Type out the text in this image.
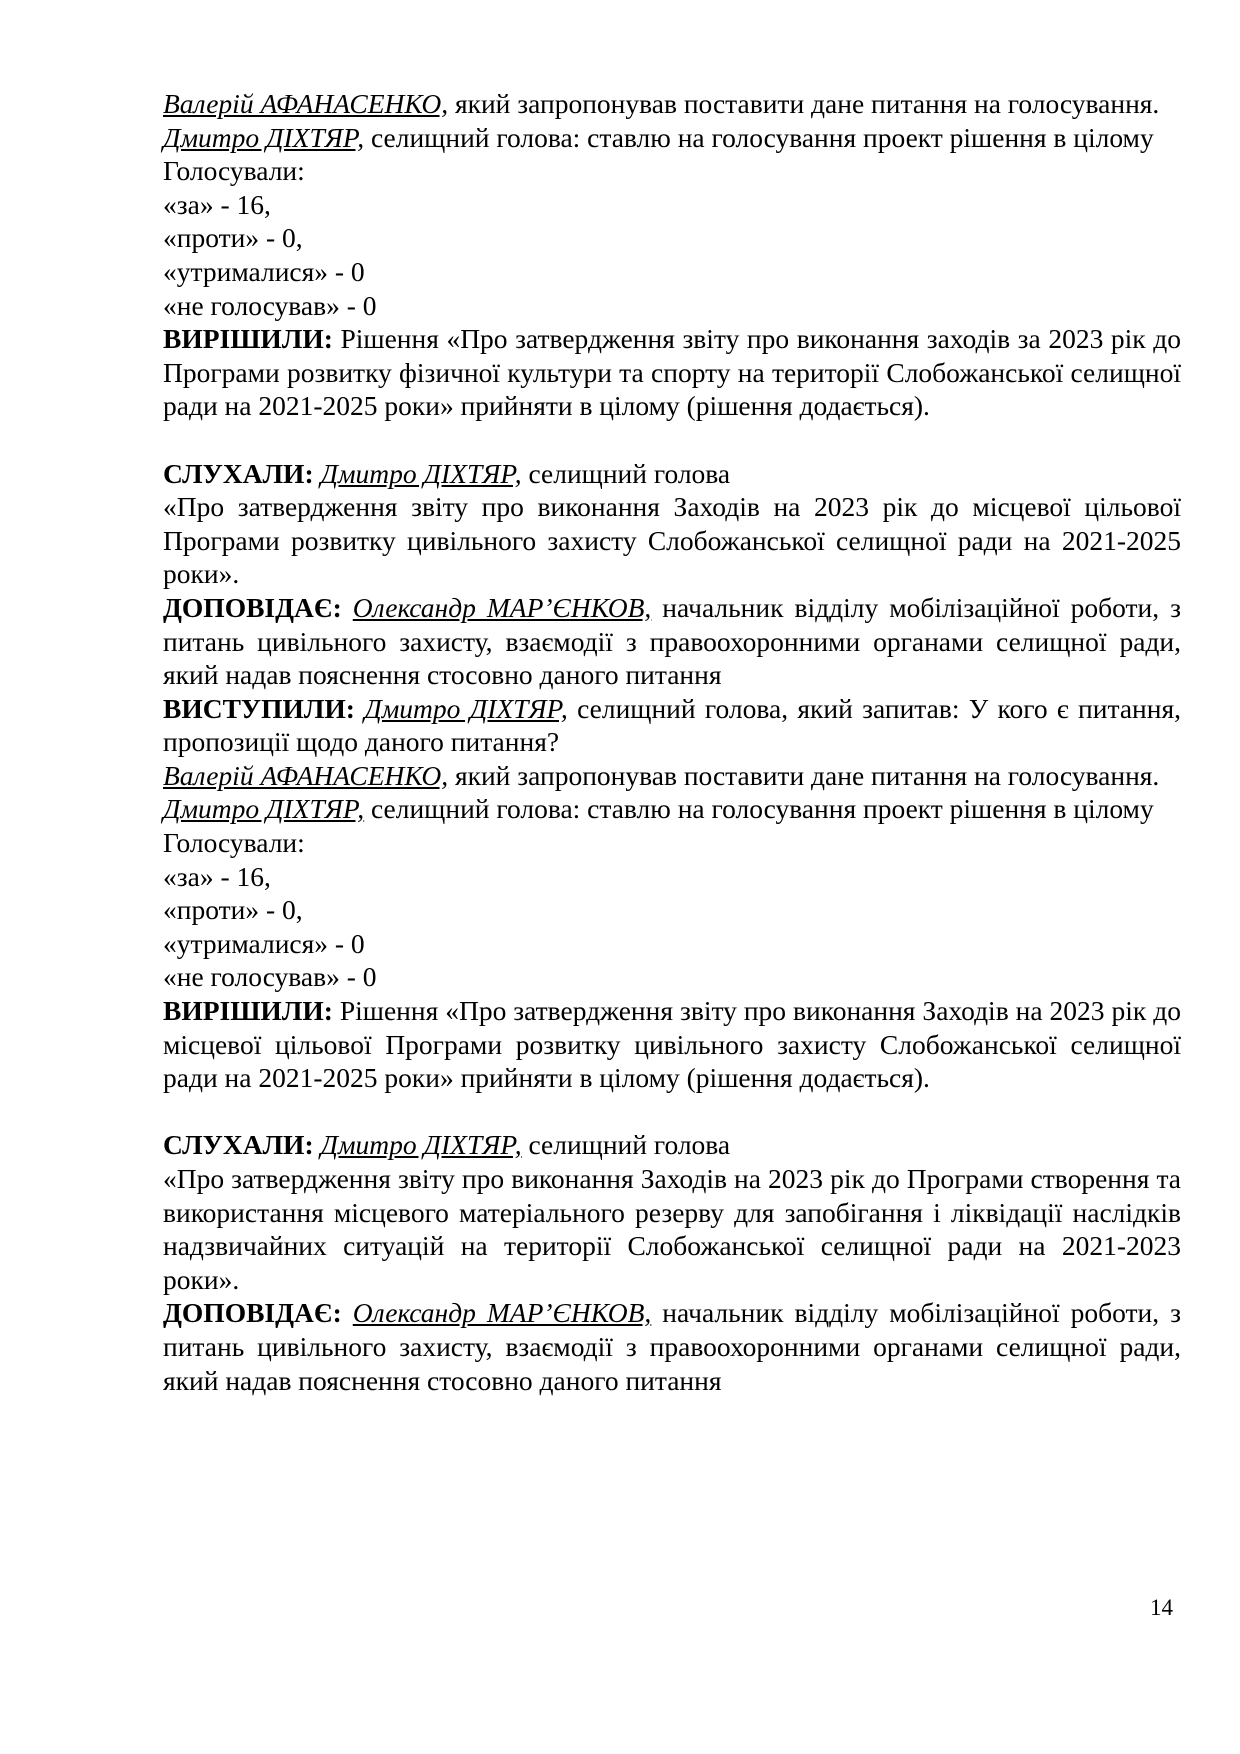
Валерій АФАНАСЕНКО, який запропонував поставити дане питання на голосування.

Дмитро ДІХТЯР, селищний голова: ставлю на голосування проект рішення в цілому

Голосували:

«за» - 16,

«проти» - 0,

«утрималися» - 0

«не голосував» - 0

ВИРІШИЛИ: Рішення «Про затвердження звіту про виконання заходів за 2023 рік до Програми розвитку фізичної культури та спорту на території Слобожанської селищної ради на 2021-2025 роки» прийняти в цілому (рішення додається).

СЛУХАЛИ: Дмитро ДІХТЯР, селищний голова

«Про затвердження звіту про виконання Заходів на 2023 рік до місцевої цільової Програми розвитку цивільного захисту Слобожанської селищної ради на 2021-2025 роки».

ДОПОВІДАЄ: Олександр МАР’ЄНКОВ, начальник відділу мобілізаційної роботи, з питань цивільного захисту, взаємодії з правоохоронними органами селищної ради, який надав пояснення стосовно даного питання

ВИСТУПИЛИ: Дмитро ДІХТЯР, селищний голова, який запитав: У кого є питання, пропозиції щодо даного питання?

Валерій АФАНАСЕНКО, який запропонував поставити дане питання на голосування.

Дмитро ДІХТЯР, селищний голова: ставлю на голосування проект рішення в цілому

Голосували:

«за» - 16,

«проти» - 0,

«утрималися» - 0

«не голосував» - 0

ВИРІШИЛИ: Рішення «Про затвердження звіту про виконання Заходів на 2023 рік до місцевої цільової Програми розвитку цивільного захисту Слобожанської селищної ради на 2021-2025 роки» прийняти в цілому (рішення додається).

СЛУХАЛИ: Дмитро ДІХТЯР, селищний голова

«Про затвердження звіту про виконання Заходів на 2023 рік до Програми створення та використання місцевого матеріального резерву для запобігання і ліквідації наслідків надзвичайних ситуацій на території Слобожанської селищної ради на 2021-2023 роки».

ДОПОВІДАЄ: Олександр МАР’ЄНКОВ, начальник відділу мобілізаційної роботи, з питань цивільного захисту, взаємодії з правоохоронними органами селищної ради, який надав пояснення стосовно даного питання

14
